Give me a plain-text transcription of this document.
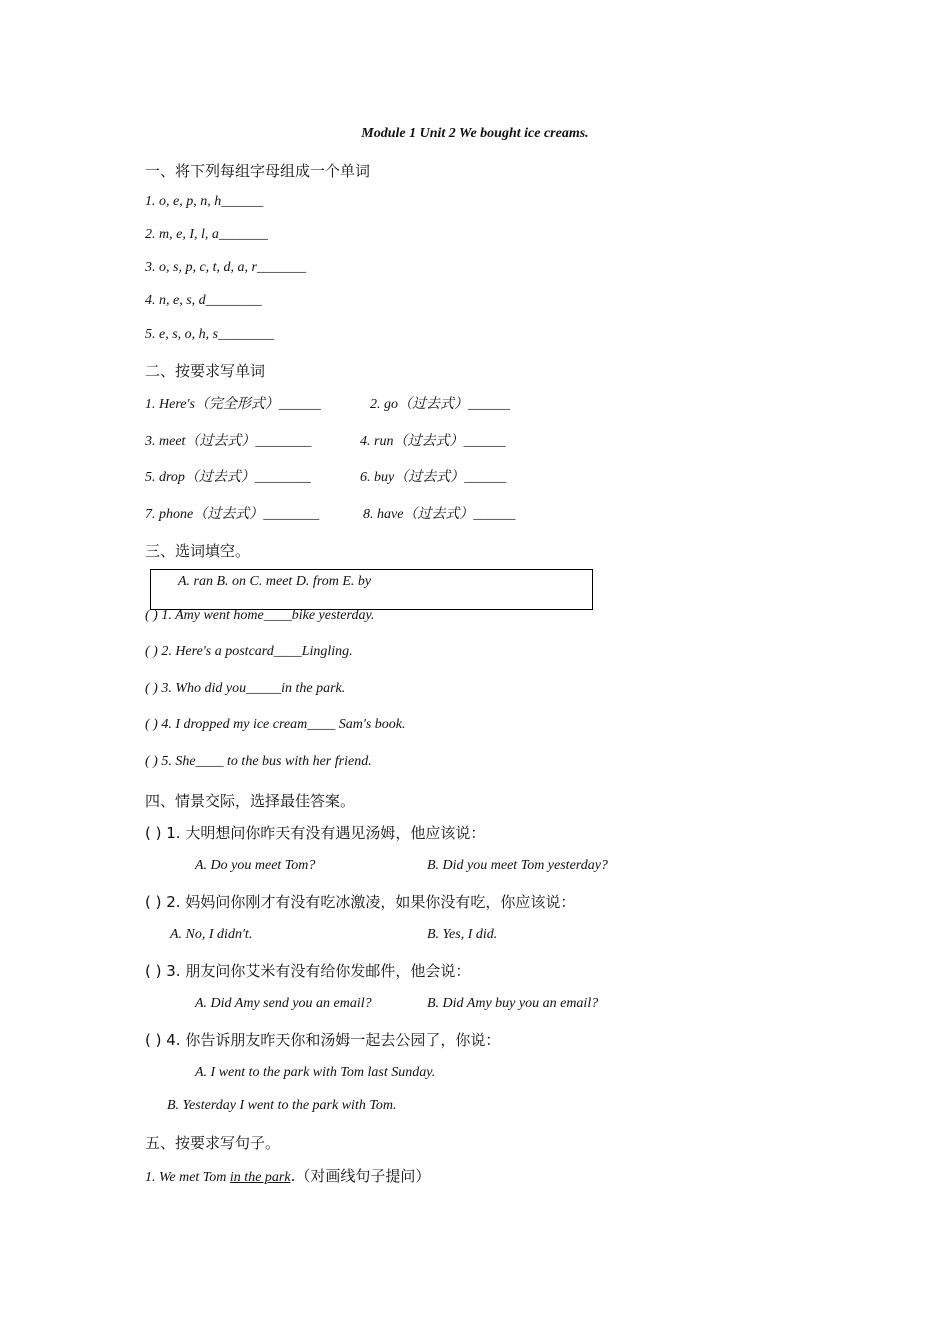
Module 1 Unit 2 We bought ice creams.
一、将下列每组字母组成一个单词
1. o, e, p, n, h______
2. m, e, I, l, a_______
3. o, s, p, c, t, d, a, r_______
4. n, e, s, d________
5. e, s, o, h, s________
二、按要求写单词
1. Here's（完全形式）______	2. go（过去式）______
3. meet（过去式）________	4. run（过去式）______
5. drop（过去式）________	6. buy（过去式）______
7. phone（过去式）________	8. have（过去式）______
三、选词填空。
A. ran B. on C. meet D. from E. by
( ) 1. Amy went home____bike yesterday.
( ) 2. Here's a postcard____Lingling.
( ) 3. Who did you_____in the park.
( ) 4. I dropped my ice cream____ Sam's book.
( ) 5. She____ to the bus with her friend.
四、情景交际，选择最佳答案。
( ) 1. 大明想问你昨天有没有遇见汤姆，他应该说：
A. Do you meet Tom?	B. Did you meet Tom yesterday?
( ) 2. 妈妈问你刚才有没有吃冰激凌，如果你没有吃，你应该说：
A. No, I didn't.	B. Yes, I did.
( ) 3. 朋友问你艾米有没有给你发邮件，他会说：
A. Did Amy send you an email?	B. Did Amy buy you an email?
( ) 4. 你告诉朋友昨天你和汤姆一起去公园了，你说：
A. I went to the park with Tom last Sunday.
B. Yesterday I went to the park with Tom.
五、按要求写句子。
1. We met Tom in the park.（对画线句子提问）
